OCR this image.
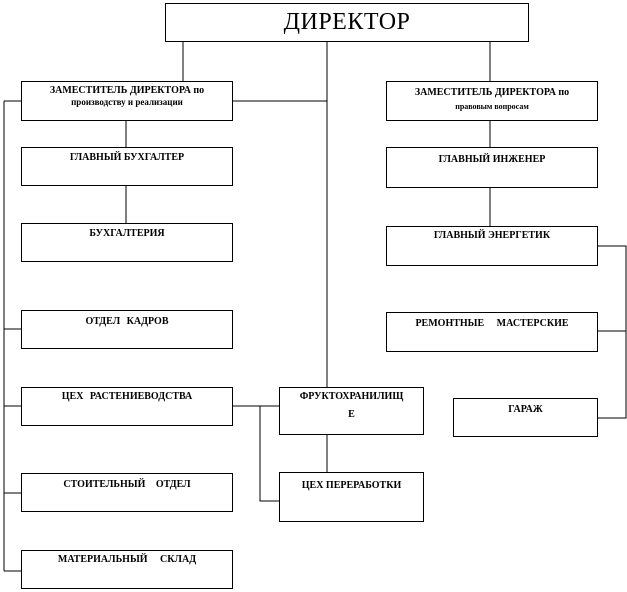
ДИРЕКТОР
ЗАМЕСТИТЕЛЬ ДИРЕКТОРА по
производству и реализации
ЗАМЕСТИТЕЛЬ ДИРЕКТОРА по
правовым вопросам
ГЛАВНЫЙ БУХГАЛТЕР
БУХГАЛТЕРИЯ
ОТДЕЛ КАДРОВ
ЦЕХ РАСТЕНИЕВОДСТВА
СТОИТЕЛЬНЫЙ ОТДЕЛ
МАТЕРИАЛЬНЫЙ СКЛАД
ФРУКТОХРАНИЛИЩ
Е
ЦЕХ ПЕРЕРАБОТКИ
ГЛАВНЫЙ ИНЖЕНЕР
ГЛАВНЫЙ ЭНЕРГЕТИК
РЕМОНТНЫЕ МАСТЕРСКИЕ
ГАРАЖ
